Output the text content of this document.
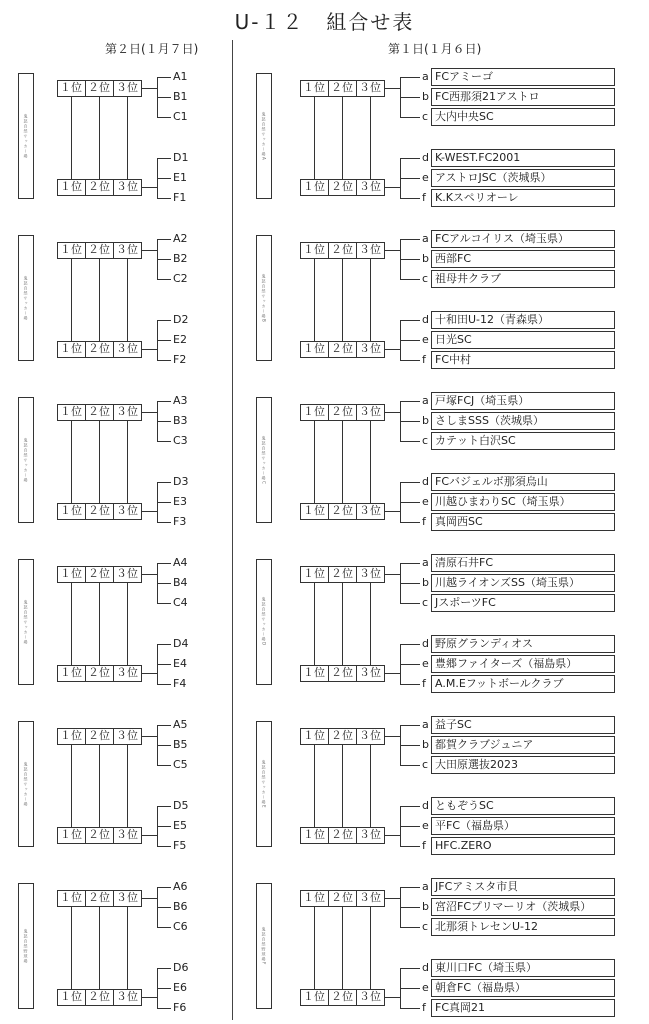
U-１２　組合せ表
第２日(１月７日)	第１日(１月６日)
鬼怒自然サッカー場
１位 ２位 ３位
１位 ２位 ３位
A1
B1
C1
D1
E1
F1
鬼怒自然サッカー場A
１位 ２位 ３位
１位 ２位 ３位
a FCアミーゴ
b FC西那須21アストロ
c 大内中央SC
d K-WEST.FC2001
e アストロJSC（茨城県）
f K.Kスペリオーレ
鬼怒自然サッカー場
１位 ２位 ３位
１位 ２位 ３位
A2
B2
C2
D2
E2
F2
鬼怒自然サッカー場B
１位 ２位 ３位
１位 ２位 ３位
a FCアルコイリス（埼玉県）
b 西部FC
c 祖母井クラブ
d 十和田U-12（青森県）
e 日光SC
f FC中村
鬼怒自然サッカー場
１位 ２位 ３位
１位 ２位 ３位
A3
B3
C3
D3
E3
F3
鬼怒自然サッカー場C
１位 ２位 ３位
１位 ２位 ３位
a 戸塚FCJ（埼玉県）
b さしまSSS（茨城県）
c カテット白沢SC
d FCバジェルボ那須烏山
e 川越ひまわりSC（埼玉県）
f 真岡西SC
鬼怒自然サッカー場
１位 ２位 ３位
１位 ２位 ３位
A4
B4
C4
D4
E4
F4
鬼怒自然サッカー場D
１位 ２位 ３位
１位 ２位 ３位
a 清原石井FC
b 川越ライオンズSS（埼玉県）
c JスポーツFC
d 野原グランディオス
e 豊郷ファイターズ（福島県）
f A.M.Eフットボールクラブ
鬼怒自然サッカー場
１位 ２位 ３位
１位 ２位 ３位
A5
B5
C5
D5
E5
F5
鬼怒自然サッカー場E
１位 ２位 ３位
１位 ２位 ３位
a 益子SC
b 都賀クラブジュニア
c 大田原選抜2023
d ともぞうSC
e 平FC（福島県）
f HFC.ZERO
鬼怒自然野球場
１位 ２位 ３位
１位 ２位 ３位
A6
B6
C6
D6
E6
F6
鬼怒自然野球場F
１位 ２位 ３位
１位 ２位 ３位
a JFCアミスタ市貝
b 宮沼FCプリマーリオ（茨城県）
c 北那須トレセンU-12
d 東川口FC（埼玉県）
e 朝倉FC（福島県）
f FC真岡21
